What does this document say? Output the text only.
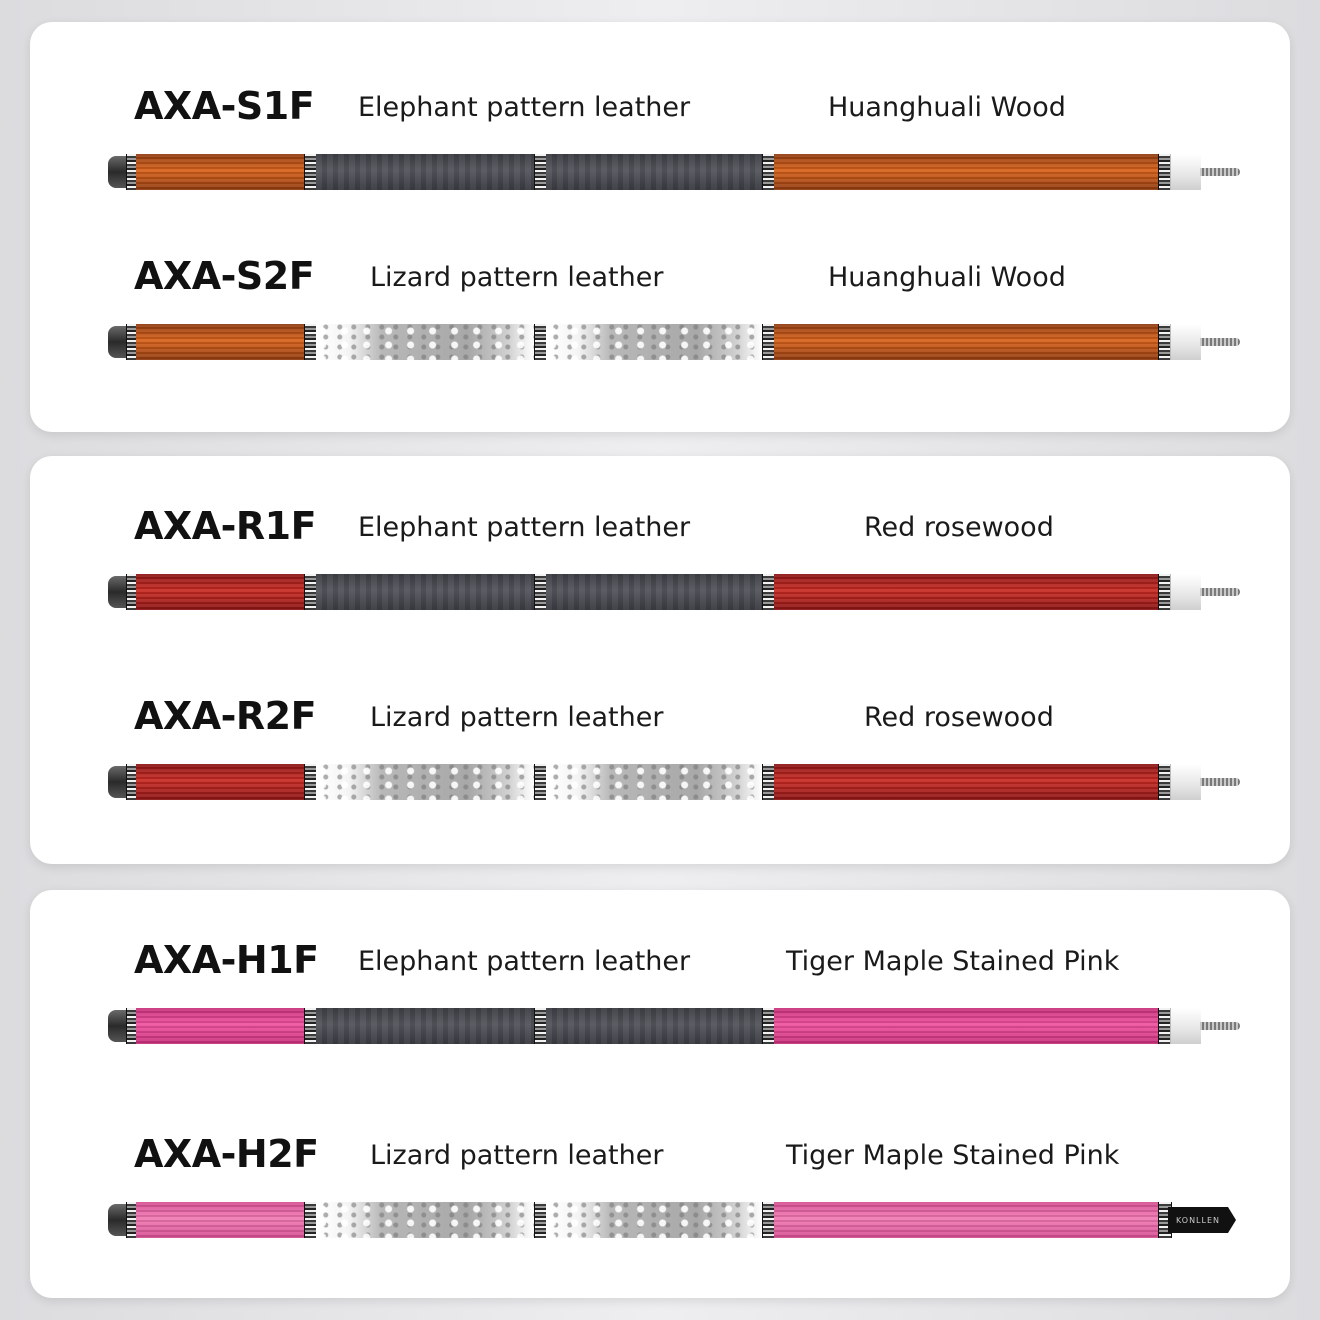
AXA-S1F Elephant pattern leather	Huanghuali Wood
AXA-S2F Lizard pattern leather	Huanghuali Wood
AXA-R1F Elephant pattern leather	Red rosewood
AXA-R2F Lizard pattern leather	Red rosewood
AXA-H1F Elephant pattern leather	Tiger Maple Stained Pink
AXA-H2F Lizard pattern leather	Tiger Maple Stained Pink
KONLLEN
